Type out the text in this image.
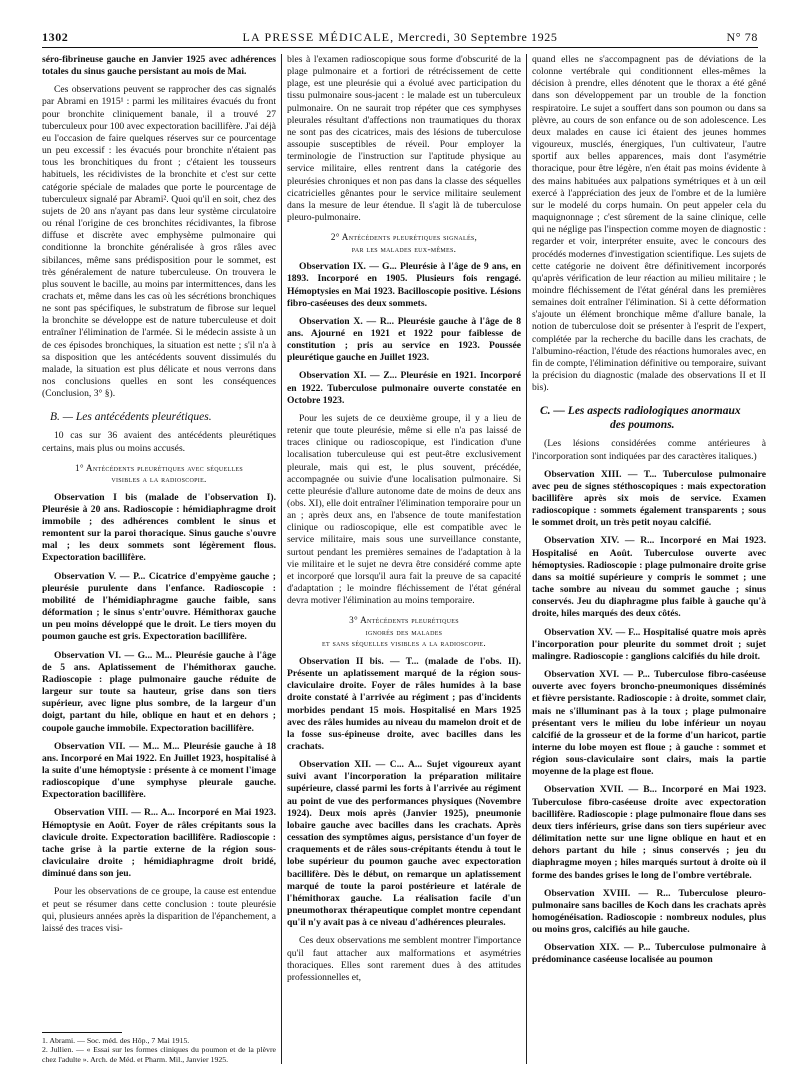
1302	LA PRESSE MÉDICALE, Mercredi, 30 Septembre 1925	N° 78

séro-fibrineuse gauche en Janvier 1925 avec adhérences totales du sinus gauche persistant au mois de Mai.

Ces observations peuvent se rapprocher des cas signalés par Abrami en 1915¹ : parmi les militaires évacués du front pour bronchite cliniquement banale, il a trouvé 27 tuberculeux pour 100 avec expectoration bacillifère. J'ai déjà eu l'occasion de faire quelques réserves sur ce pourcentage un peu excessif : les évacués pour bronchite n'étaient pas tous les bronchitiques du front ; c'étaient les tousseurs habituels, les récidivistes de la bronchite et c'est sur cette catégorie spéciale de malades que porte le pourcentage de tuberculeux signalé par Abrami². Quoi qu'il en soit, chez des sujets de 20 ans n'ayant pas dans leur système circulatoire ou rénal l'origine de ces bronchites récidivantes, la fibrose diffuse et discrète avec emphysème pulmonaire qui conditionne la bronchite généralisée à gros râles avec sibilances, même sans prédisposition pour le sommet, est très généralement de nature tuberculeuse. On trouvera le plus souvent le bacille, au moins par intermittences, dans les crachats et, même dans les cas où les sécrétions bronchiques ne sont pas spécifiques, le substratum de fibrose sur lequel la bronchite se développe est de nature tuberculeuse et doit entraîner l'élimination de l'armée. Si le médecin assiste à un de ces épisodes bronchiques, la situation est nette ; s'il n'a à sa disposition que les antécédents souvent dissimulés du malade, la situation est plus délicate et nous verrons dans nos conclusions quelles en sont les conséquences (Conclusion, 3° §).

B. — Les antécédents pleurétiques.

10 cas sur 36 avaient des antécédents pleurétiques certains, mais plus ou moins accusés.

1° Antécédents pleurétiques avec séquelles
visibles a la radioscopie.

Observation I bis (malade de l'observation I). Pleurésie à 20 ans. Radioscopie : hémidiaphragme droit immobile ; des adhérences comblent le sinus et remontent sur la paroi thoracique. Sinus gauche s'ouvre mal ; les deux sommets sont légèrement flous. Expectoration bacillifère.

Observation V. — P... Cicatrice d'empyème gauche ; pleurésie purulente dans l'enfance. Radioscopie : mobilité de l'hémidiaphragme gauche faible, sans déformation ; le sinus s'entr'ouvre. Hémithorax gauche un peu moins développé que le droit. Le tiers moyen du poumon gauche est gris. Expectoration bacillifère.

Observation VI. — G... M... Pleurésie gauche à l'âge de 5 ans. Aplatissement de l'hémithorax gauche. Radioscopie : plage pulmonaire gauche réduite de largeur sur toute sa hauteur, grise dans son tiers supérieur, avec ligne plus sombre, de la largeur d'un doigt, partant du hile, oblique en haut et en dehors ; coupole gauche immobile. Expectoration bacillifère.

Observation VII. — M... M... Pleurésie gauche à 18 ans. Incorporé en Mai 1922. En Juillet 1923, hospitalisé à la suite d'une hémoptysie : présente à ce moment l'image radioscopique d'une symphyse pleurale gauche. Expectoration bacillifère.

Observation VIII. — R... A... Incorporé en Mai 1923. Hémoptysie en Août. Foyer de râles crépitants sous la clavicule droite. Expectoration bacillifère. Radioscopie : tache grise à la partie externe de la région sous-claviculaire droite ; hémidiaphragme droit bridé, diminué dans son jeu.

Pour les observations de ce groupe, la cause est entendue et peut se résumer dans cette conclusion : toute pleurésie qui, plusieurs années après la disparition de l'épanchement, a laissé des traces visi-

1. Abrami. — Soc. méd. des Hôp., 7 Mai 1915.
2. Jullien. — « Essai sur les formes cliniques du poumon et de la plèvre chez l'adulte ». Arch. de Méd. et Pharm. Mil., Janvier 1925.

bles à l'examen radioscopique sous forme d'obscurité de la plage pulmonaire et a fortiori de rétrécissement de cette plage, est une pleurésie qui a évolué avec participation du tissu pulmonaire sous-jacent : le malade est un tuberculeux pulmonaire. On ne saurait trop répéter que ces symphyses pleurales résultant d'affections non traumatiques du thorax ne sont pas des cicatrices, mais des lésions de tuberculose assoupie susceptibles de réveil. Pour employer la terminologie de l'instruction sur l'aptitude physique au service militaire, elles rentrent dans la catégorie des pleurésies chroniques et non pas dans la classe des séquelles cicatricielles gênantes pour le service militaire seulement dans la mesure de leur étendue. Il s'agit là de tuberculose pleuro-pulmonaire.

2° Antécédents pleurétiques signalés,
par les malades eux-mêmes.

Observation IX. — G... Pleurésie à l'âge de 9 ans, en 1893. Incorporé en 1905. Plusieurs fois rengagé. Hémoptysies en Mai 1923. Bacilloscopie positive. Lésions fibro-caséeuses des deux sommets.

Observation X. — R... Pleurésie gauche à l'âge de 8 ans. Ajourné en 1921 et 1922 pour faiblesse de constitution ; pris au service en 1923. Poussée pleurétique gauche en Juillet 1923.

Observation XI. — Z... Pleurésie en 1921. Incorporé en 1922. Tuberculose pulmonaire ouverte constatée en Octobre 1923.

Pour les sujets de ce deuxième groupe, il y a lieu de retenir que toute pleurésie, même si elle n'a pas laissé de traces clinique ou radioscopique, est l'indication d'une localisation tuberculeuse qui est peut-être exclusivement pleurale, mais qui est, le plus souvent, précédée, accompagnée ou suivie d'une localisation pulmonaire. Si cette pleurésie d'allure autonome date de moins de deux ans (obs. XI), elle doit entraîner l'élimination temporaire pour un an ; après deux ans, en l'absence de toute manifestation clinique ou radioscopique, elle est compatible avec le service militaire, mais sous une surveillance constante, surtout pendant les premières semaines de l'adaptation à la vie militaire et le sujet ne devra être considéré comme apte et incorporé que lorsqu'il aura fait la preuve de sa capacité d'adaptation ; le moindre fléchissement de l'état général devra motiver l'élimination au moins temporaire.

3° Antécédents pleurétiques
ignorés des malades
et sans séquelles visibles a la radioscopie.

Observation II bis. — T... (malade de l'obs. II). Présente un aplatissement marqué de la région sous-claviculaire droite. Foyer de râles humides à la base droite constaté à l'arrivée au régiment ; pas d'incidents morbides pendant 15 mois. Hospitalisé en Mars 1925 avec des râles humides au niveau du mamelon droit et de la fosse sus-épineuse droite, avec bacilles dans les crachats.

Observation XII. — C... A... Sujet vigoureux ayant suivi avant l'incorporation la préparation militaire supérieure, classé parmi les forts à l'arrivée au régiment au point de vue des performances physiques (Novembre 1924). Deux mois après (Janvier 1925), pneumonie lobaire gauche avec bacilles dans les crachats. Après cessation des symptômes aigus, persistance d'un foyer de craquements et de râles sous-crépitants étendu à tout le lobe supérieur du poumon gauche avec expectoration bacillifère. Dès le début, on remarque un aplatissement marqué de toute la paroi postérieure et latérale de l'hémithorax gauche. La réalisation facile d'un pneumothorax thérapeutique complet montre cependant qu'il n'y avait pas à ce niveau d'adhérences pleurales.

Ces deux observations me semblent montrer l'importance qu'il faut attacher aux malformations et asymétries thoraciques. Elles sont rarement dues à des attitudes professionnelles et,

quand elles ne s'accompagnent pas de déviations de la colonne vertébrale qui conditionnent elles-mêmes la décision à prendre, elles dénotent que le thorax a été gêné dans son développement par un trouble de la fonction respiratoire. Le sujet a souffert dans son poumon ou dans sa plèvre, au cours de son enfance ou de son adolescence. Les deux malades en cause ici étaient des jeunes hommes vigoureux, musclés, énergiques, l'un cultivateur, l'autre sportif aux belles apparences, mais dont l'asymétrie thoracique, pour être légère, n'en était pas moins évidente à des mains habituées aux palpations symétriques et à un œil exercé à l'appréciation des jeux de l'ombre et de la lumière sur le modelé du corps humain. On peut appeler cela du maquignonnage ; c'est sûrement de la saine clinique, celle qui ne néglige pas l'inspection comme moyen de diagnostic : regarder et voir, interpréter ensuite, avec le concours des procédés modernes d'investigation scientifique. Les sujets de cette catégorie ne doivent être définitivement incorporés qu'après vérification de leur réaction au milieu militaire ; le moindre fléchissement de l'état général dans les premières semaines doit entraîner l'élimination. Si à cette déformation s'ajoute un élément bronchique même d'allure banale, la notion de tuberculose doit se présenter à l'esprit de l'expert, complétée par la recherche du bacille dans les crachats, de l'albumino-réaction, l'étude des réactions humorales avec, en fin de compte, l'élimination définitive ou temporaire, suivant la précision du diagnostic (malade des observations II et II bis).

C. — Les aspects radiologiques anormaux
des poumons.

(Les lésions considérées comme antérieures à l'incorporation sont indiquées par des caractères italiques.)

Observation XIII. — T... Tuberculose pulmonaire avec peu de signes stéthoscopiques : mais expectoration bacillifère après six mois de service. Examen radioscopique : sommets également transparents ; sous le sommet droit, un très petit noyau calcifié.

Observation XIV. — R... Incorporé en Mai 1923. Hospitalisé en Août. Tuberculose ouverte avec hémoptysies. Radioscopie : plage pulmonaire droite grise dans sa moitié supérieure y compris le sommet ; une tache sombre au niveau du sommet gauche ; sinus conservés. Jeu du diaphragme plus faible à gauche qu'à droite, hiles marqués des deux côtés.

Observation XV. — F... Hospitalisé quatre mois après l'incorporation pour pleurite du sommet droit ; sujet malingre. Radioscopie : ganglions calcifiés du hile droit.

Observation XVI. — P... Tuberculose fibro-caséeuse ouverte avec foyers broncho-pneumoniques disséminés et fièvre persistante. Radioscopie : à droite, sommet clair, mais ne s'illuminant pas à la toux ; plage pulmonaire présentant vers le milieu du lobe inférieur un noyau calcifié de la grosseur et de la forme d'un haricot, partie interne du lobe moyen est floue ; à gauche : sommet et région sous-claviculaire sont clairs, mais la partie moyenne de la plage est floue.

Observation XVII. — B... Incorporé en Mai 1923. Tuberculose fibro-caséeuse droite avec expectoration bacillifère. Radioscopie : plage pulmonaire floue dans ses deux tiers inférieurs, grise dans son tiers supérieur avec délimitation nette sur une ligne oblique en haut et en dehors partant du hile ; sinus conservés ; jeu du diaphragme moyen ; hiles marqués surtout à droite où il forme des bandes grises le long de l'ombre vertébrale.

Observation XVIII. — R... Tuberculose pleuro-pulmonaire sans bacilles de Koch dans les crachats après homogénéisation. Radioscopie : nombreux nodules, plus ou moins gros, calcifiés au hile gauche.

Observation XIX. — P... Tuberculose pulmonaire à prédominance caséeuse localisée au poumon
